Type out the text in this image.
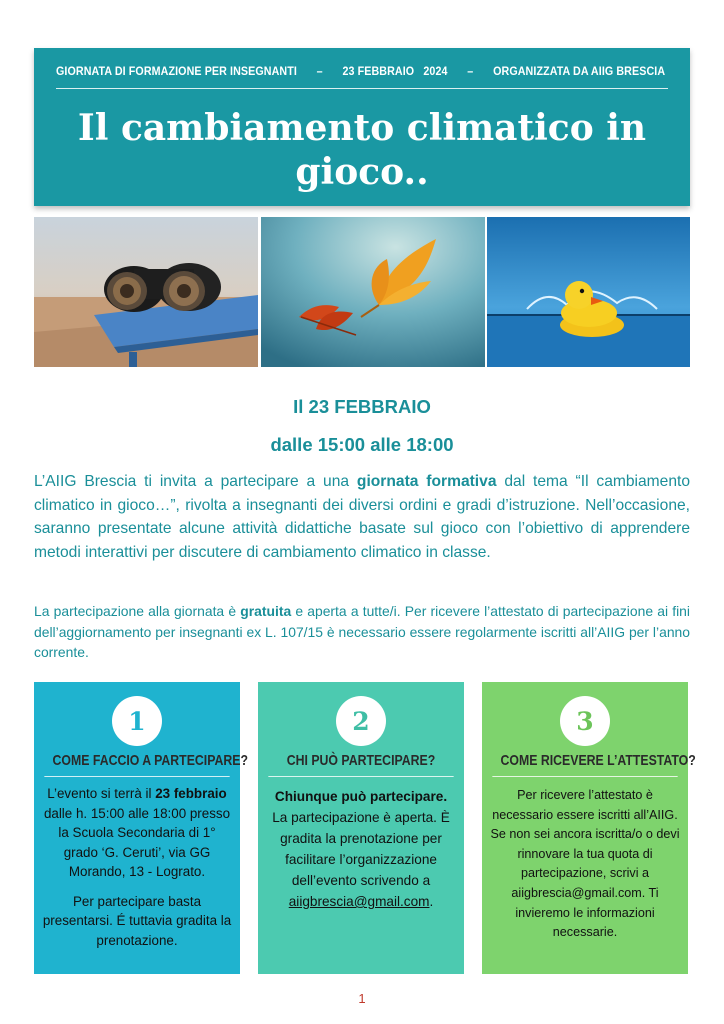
GIORNATA DI FORMAZIONE PER INSEGNANTI – 23 FEBBRAIO   2024 – ORGANIZZATA DA AIIG BRESCIA
Il cambiamento climatico in gioco..
Il 23 FEBBRAIO
dalle 15:00 alle 18:00

L’AIIG Brescia ti invita a partecipare a una giornata formativa dal tema “Il cambiamento climatico in gioco…”, rivolta a insegnanti dei diversi ordini e gradi d’istruzione. Nell’occasione, saranno presentate alcune attività didattiche basate sul gioco con l’obiettivo di apprendere metodi interattivi per discutere di cambiamento climatico in classe.

La partecipazione alla giornata è gratuita e aperta a tutte/i. Per ricevere l’attestato di partecipazione ai fini dell’aggiornamento per insegnanti ex L. 107/15 è necessario essere regolarmente iscritti all’AIIG per l’anno corrente.

1
COME FACCIO A PARTECIPARE?

L’evento si terrà il 23 febbraio dalle h. 15:00 alle 18:00 presso la Scuola Secondaria di 1° grado ‘G. Ceruti’, via GG Morando, 13 - Lograto.

Per partecipare basta presentarsi. É tuttavia gradita la prenotazione.

2
CHI PUÒ PARTECIPARE?

Chiunque può partecipare. La partecipazione è aperta. È gradita la prenotazione per facilitare l’organizzazione dell’evento scrivendo a aiigbrescia@gmail.com.

3
COME RICEVERE L’ATTESTATO?

Per ricevere l’attestato è necessario essere iscritti all’AIIG. Se non sei ancora iscritta/o o devi rinnovare la tua quota di partecipazione, scrivi a aiigbrescia@gmail.com. Ti invieremo le informazioni necessarie.

1
